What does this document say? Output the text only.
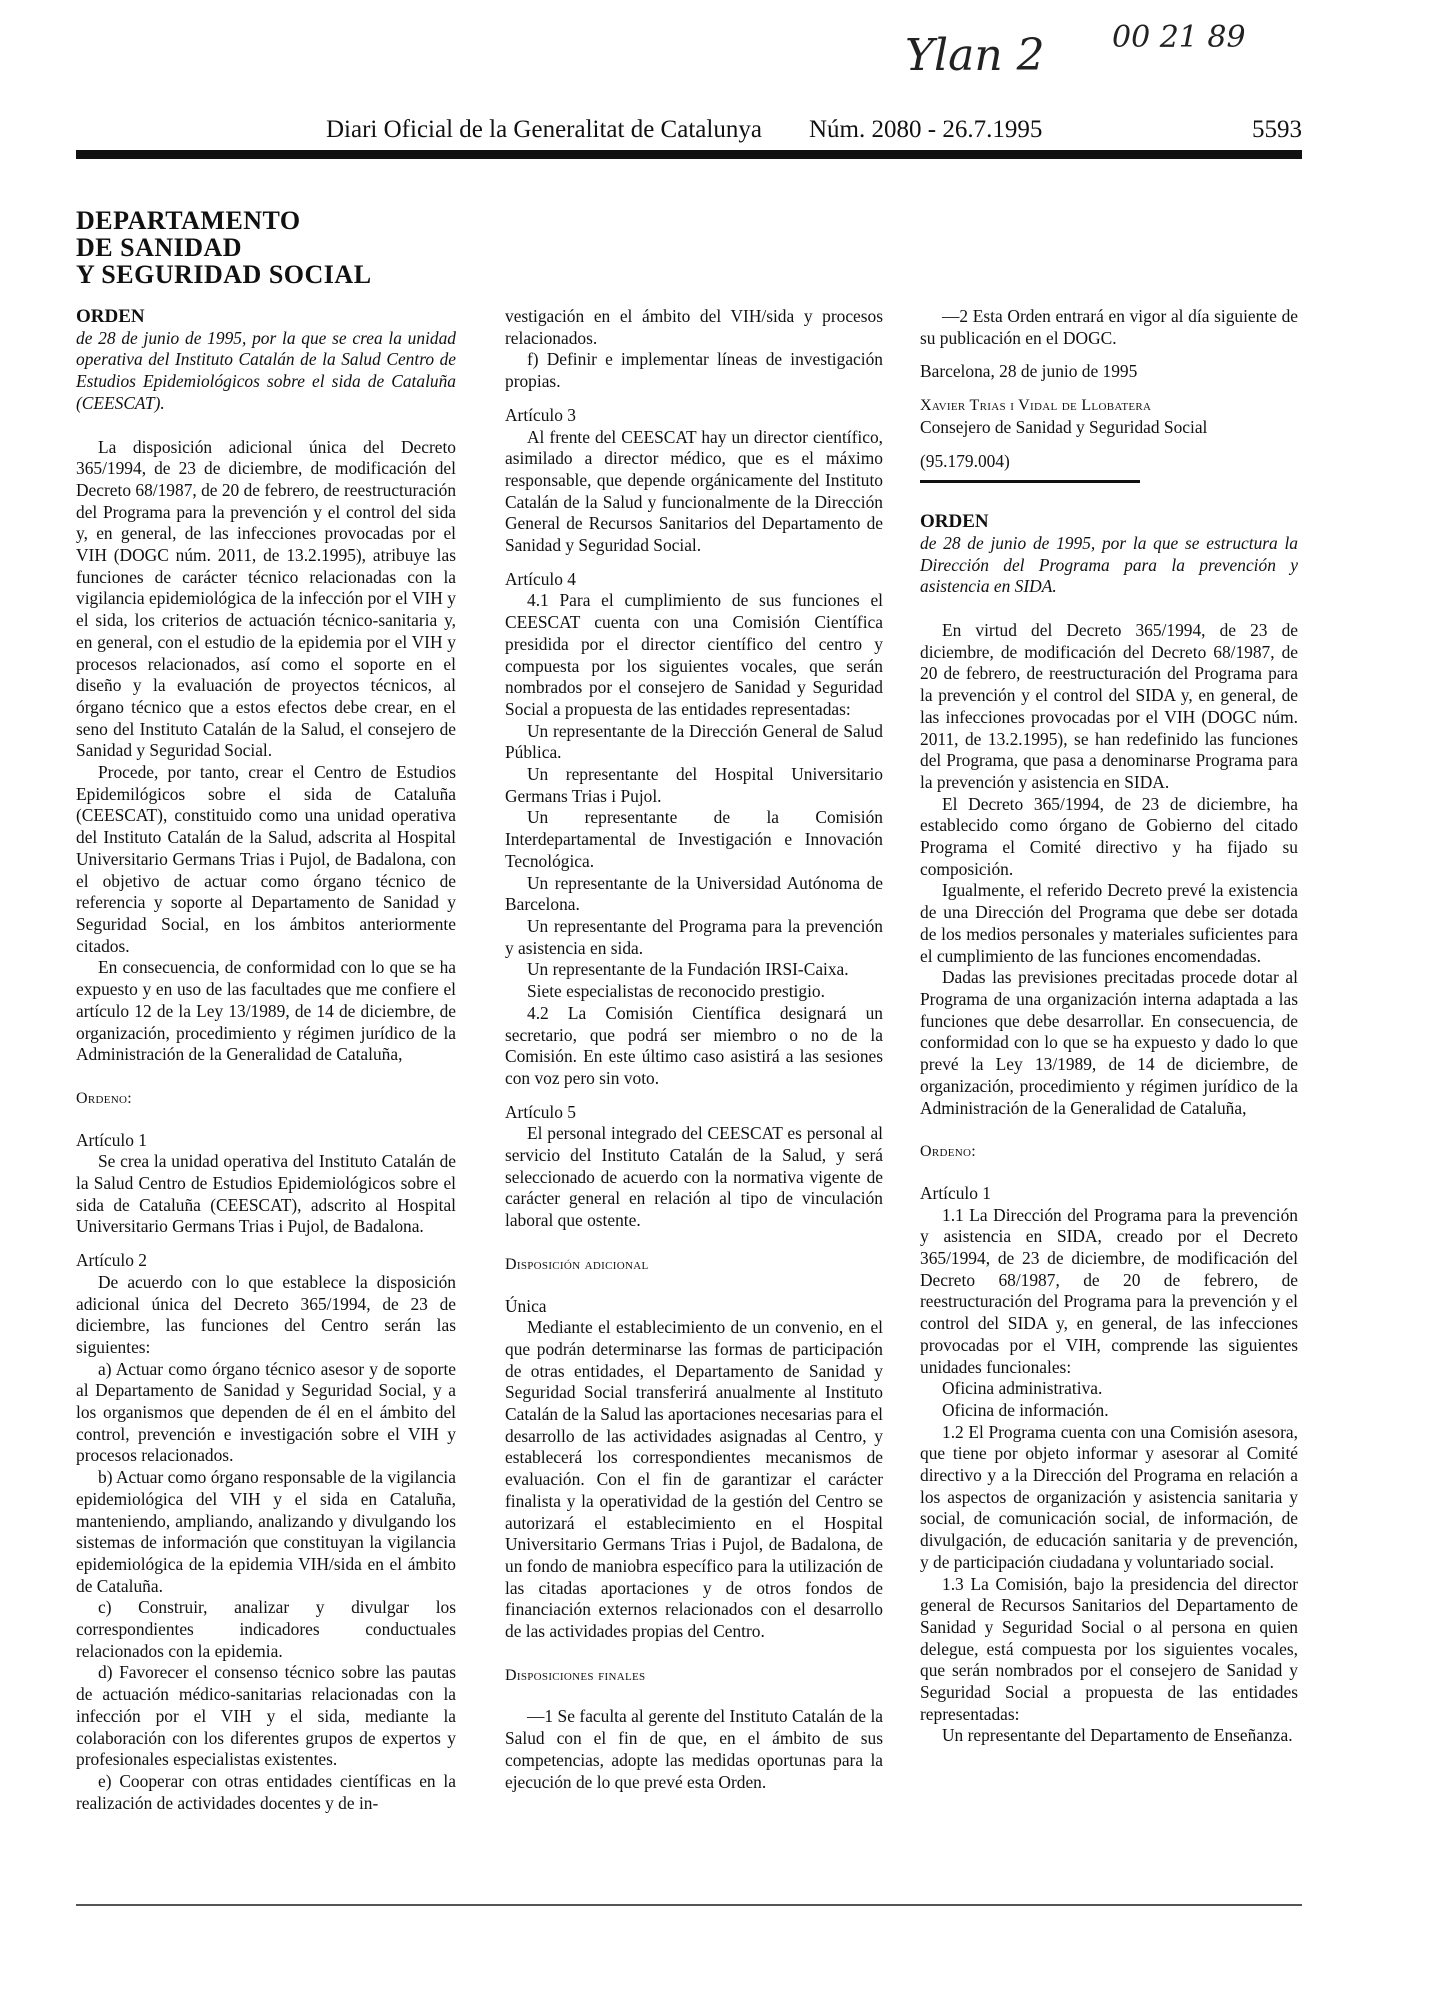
Ylan 2 00 21 89
Diari Oficial de la Generalitat de Catalunya Núm. 2080 - 26.7.1995	5593
DEPARTAMENTO
DE SANIDAD
Y SEGURIDAD SOCIAL

ORDEN

de 28 de junio de 1995, por la que se crea la unidad operativa del Instituto Catalán de la Salud Centro de Estudios Epidemiológicos sobre el sida de Cataluña (CEESCAT).

La disposición adicional única del Decreto 365/1994, de 23 de diciembre, de modificación del Decreto 68/1987, de 20 de febrero, de reestructuración del Programa para la prevención y el control del sida y, en general, de las infecciones provocadas por el VIH (DOGC núm. 2011, de 13.2.1995), atribuye las funciones de carácter técnico relacionadas con la vigilancia epidemiológica de la infección por el VIH y el sida, los criterios de actuación técnico-sanitaria y, en general, con el estudio de la epidemia por el VIH y procesos relacionados, así como el soporte en el diseño y la evaluación de proyectos técnicos, al órgano técnico que a estos efectos debe crear, en el seno del Instituto Catalán de la Salud, el consejero de Sanidad y Seguridad Social.

Procede, por tanto, crear el Centro de Estudios Epidemilógicos sobre el sida de Cataluña (CEESCAT), constituido como una unidad operativa del Instituto Catalán de la Salud, adscrita al Hospital Universitario Germans Trias i Pujol, de Badalona, con el objetivo de actuar como órgano técnico de referencia y soporte al Departamento de Sanidad y Seguridad Social, en los ámbitos anteriormente citados.

En consecuencia, de conformidad con lo que se ha expuesto y en uso de las facultades que me confiere el artículo 12 de la Ley 13/1989, de 14 de diciembre, de organización, procedimiento y régimen jurídico de la Administración de la Generalidad de Cataluña,

Ordeno:

Artículo 1

Se crea la unidad operativa del Instituto Catalán de la Salud Centro de Estudios Epidemiológicos sobre el sida de Cataluña (CEESCAT), adscrito al Hospital Universitario Germans Trias i Pujol, de Badalona.

Artículo 2

De acuerdo con lo que establece la disposición adicional única del Decreto 365/1994, de 23 de diciembre, las funciones del Centro serán las siguientes:

a) Actuar como órgano técnico asesor y de soporte al Departamento de Sanidad y Seguridad Social, y a los organismos que dependen de él en el ámbito del control, prevención e investigación sobre el VIH y procesos relacionados.

b) Actuar como órgano responsable de la vigilancia epidemiológica del VIH y el sida en Cataluña, manteniendo, ampliando, analizando y divulgando los sistemas de información que constituyan la vigilancia epidemiológica de la epidemia VIH/sida en el ámbito de Cataluña.

c) Construir, analizar y divulgar los correspondientes indicadores conductuales relacionados con la epidemia.

d) Favorecer el consenso técnico sobre las pautas de actuación médico-sanitarias relacionadas con la infección por el VIH y el sida, mediante la colaboración con los diferentes grupos de expertos y profesionales especialistas existentes.

e) Cooperar con otras entidades científicas en la realización de actividades docentes y de in-

vestigación en el ámbito del VIH/sida y procesos relacionados.

f) Definir e implementar líneas de investigación propias.

Artículo 3

Al frente del CEESCAT hay un director científico, asimilado a director médico, que es el máximo responsable, que depende orgánicamente del Instituto Catalán de la Salud y funcionalmente de la Dirección General de Recursos Sanitarios del Departamento de Sanidad y Seguridad Social.

Artículo 4

4.1 Para el cumplimiento de sus funciones el CEESCAT cuenta con una Comisión Científica presidida por el director científico del centro y compuesta por los siguientes vocales, que serán nombrados por el consejero de Sanidad y Seguridad Social a propuesta de las entidades representadas:

Un representante de la Dirección General de Salud Pública.

Un representante del Hospital Universitario Germans Trias i Pujol.

Un representante de la Comisión Interdepartamental de Investigación e Innovación Tecnológica.

Un representante de la Universidad Autónoma de Barcelona.

Un representante del Programa para la prevención y asistencia en sida.

Un representante de la Fundación IRSI-Caixa.

Siete especialistas de reconocido prestigio.

4.2 La Comisión Científica designará un secretario, que podrá ser miembro o no de la Comisión. En este último caso asistirá a las sesiones con voz pero sin voto.

Artículo 5

El personal integrado del CEESCAT es personal al servicio del Instituto Catalán de la Salud, y será seleccionado de acuerdo con la normativa vigente de carácter general en relación al tipo de vinculación laboral que ostente.

Disposición adicional

Única

Mediante el establecimiento de un convenio, en el que podrán determinarse las formas de participación de otras entidades, el Departamento de Sanidad y Seguridad Social transferirá anualmente al Instituto Catalán de la Salud las aportaciones necesarias para el desarrollo de las actividades asignadas al Centro, y establecerá los correspondientes mecanismos de evaluación. Con el fin de garantizar el carácter finalista y la operatividad de la gestión del Centro se autorizará el establecimiento en el Hospital Universitario Germans Trias i Pujol, de Badalona, de un fondo de maniobra específico para la utilización de las citadas aportaciones y de otros fondos de financiación externos relacionados con el desarrollo de las actividades propias del Centro.

Disposiciones finales

—1 Se faculta al gerente del Instituto Catalán de la Salud con el fin de que, en el ámbito de sus competencias, adopte las medidas oportunas para la ejecución de lo que prevé esta Orden.

—2 Esta Orden entrará en vigor al día siguiente de su publicación en el DOGC.

Barcelona, 28 de junio de 1995

Xavier Trias i Vidal de Llobatera

Consejero de Sanidad y Seguridad Social

(95.179.004)

ORDEN

de 28 de junio de 1995, por la que se estructura la Dirección del Programa para la prevención y asistencia en SIDA.

En virtud del Decreto 365/1994, de 23 de diciembre, de modificación del Decreto 68/1987, de 20 de febrero, de reestructuración del Programa para la prevención y el control del SIDA y, en general, de las infecciones provocadas por el VIH (DOGC núm. 2011, de 13.2.1995), se han redefinido las funciones del Programa, que pasa a denominarse Programa para la prevención y asistencia en SIDA.

El Decreto 365/1994, de 23 de diciembre, ha establecido como órgano de Gobierno del citado Programa el Comité directivo y ha fijado su composición.

Igualmente, el referido Decreto prevé la existencia de una Dirección del Programa que debe ser dotada de los medios personales y materiales suficientes para el cumplimiento de las funciones encomendadas.

Dadas las previsiones precitadas procede dotar al Programa de una organización interna adaptada a las funciones que debe desarrollar. En consecuencia, de conformidad con lo que se ha expuesto y dado lo que prevé la Ley 13/1989, de 14 de diciembre, de organización, procedimiento y régimen jurídico de la Administración de la Generalidad de Cataluña,

Ordeno:

Artículo 1

1.1 La Dirección del Programa para la prevención y asistencia en SIDA, creado por el Decreto 365/1994, de 23 de diciembre, de modificación del Decreto 68/1987, de 20 de febrero, de reestructuración del Programa para la prevención y el control del SIDA y, en general, de las infecciones provocadas por el VIH, comprende las siguientes unidades funcionales:

Oficina administrativa.

Oficina de información.

1.2 El Programa cuenta con una Comisión asesora, que tiene por objeto informar y asesorar al Comité directivo y a la Dirección del Programa en relación a los aspectos de organización y asistencia sanitaria y social, de comunicación social, de información, de divulgación, de educación sanitaria y de prevención, y de participación ciudadana y voluntariado social.

1.3 La Comisión, bajo la presidencia del director general de Recursos Sanitarios del Departamento de Sanidad y Seguridad Social o al persona en quien delegue, está compuesta por los siguientes vocales, que serán nombrados por el consejero de Sanidad y Seguridad Social a propuesta de las entidades representadas:

Un representante del Departamento de Enseñanza.
